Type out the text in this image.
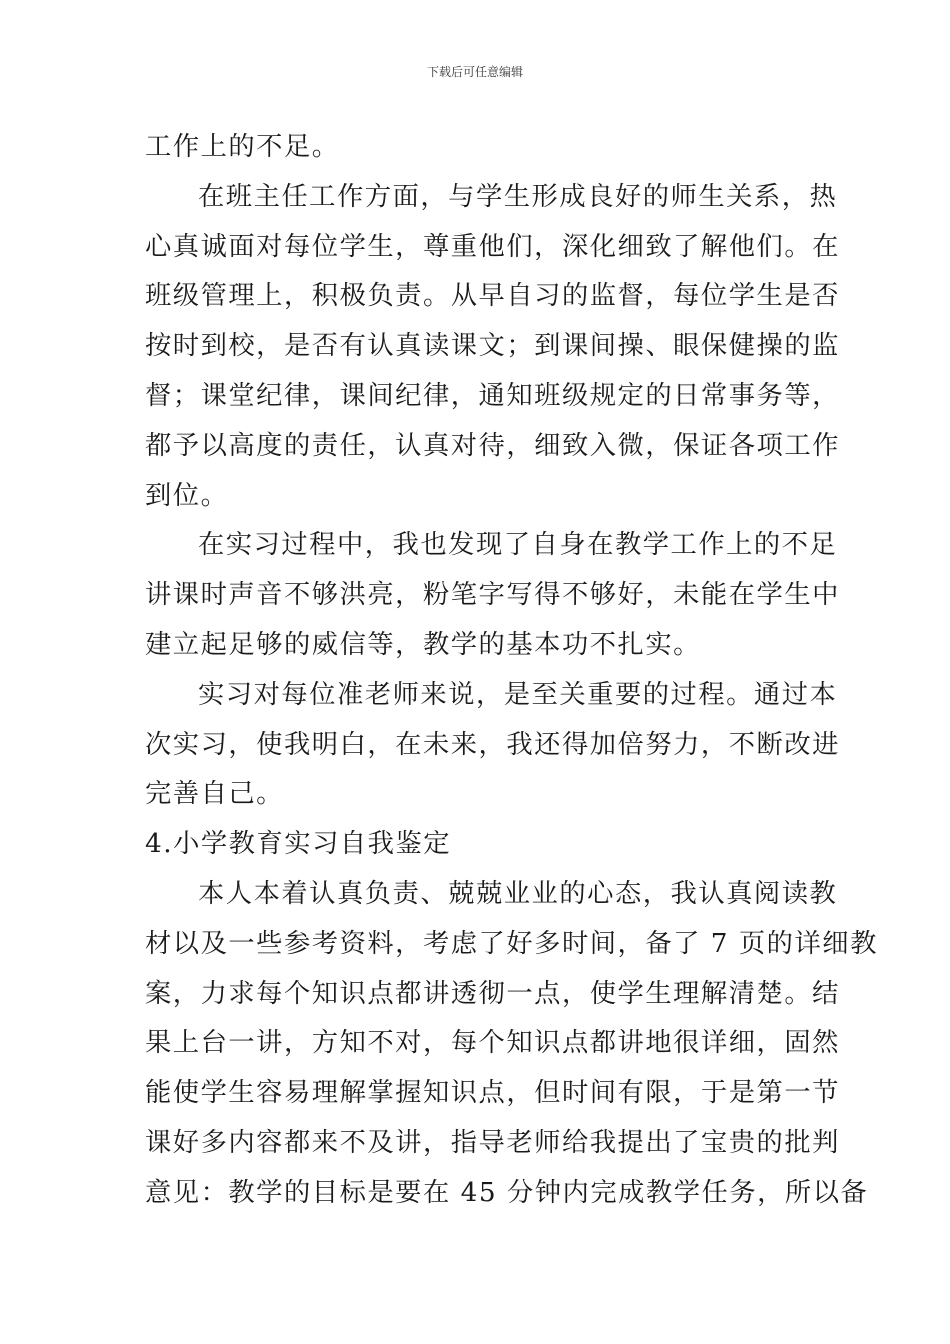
下载后可任意编辑
工作上的不足。
在班主任工作方面，与学生形成良好的师生关系，热
心真诚面对每位学生，尊重他们，深化细致了解他们。在
班级管理上，积极负责。从早自习的监督，每位学生是否
按时到校，是否有认真读课文；到课间操、眼保健操的监
督；课堂纪律，课间纪律，通知班级规定的日常事务等，
都予以高度的责任，认真对待，细致入微，保证各项工作
到位。
在实习过程中，我也发现了自身在教学工作上的不足
讲课时声音不够洪亮，粉笔字写得不够好，未能在学生中
建立起足够的威信等，教学的基本功不扎实。
实习对每位准老师来说，是至关重要的过程。通过本
次实习，使我明白，在未来，我还得加倍努力，不断改进
完善自己。
4.小学教育实习自我鉴定
本人本着认真负责、兢兢业业的心态，我认真阅读教
材以及一些参考资料，考虑了好多时间，备了 7 页的详细教
案，力求每个知识点都讲透彻一点，使学生理解清楚。结
果上台一讲，方知不对，每个知识点都讲地很详细，固然
能使学生容易理解掌握知识点，但时间有限，于是第一节
课好多内容都来不及讲，指导老师给我提出了宝贵的批判
意见：教学的目标是要在 45 分钟内完成教学任务，所以备
